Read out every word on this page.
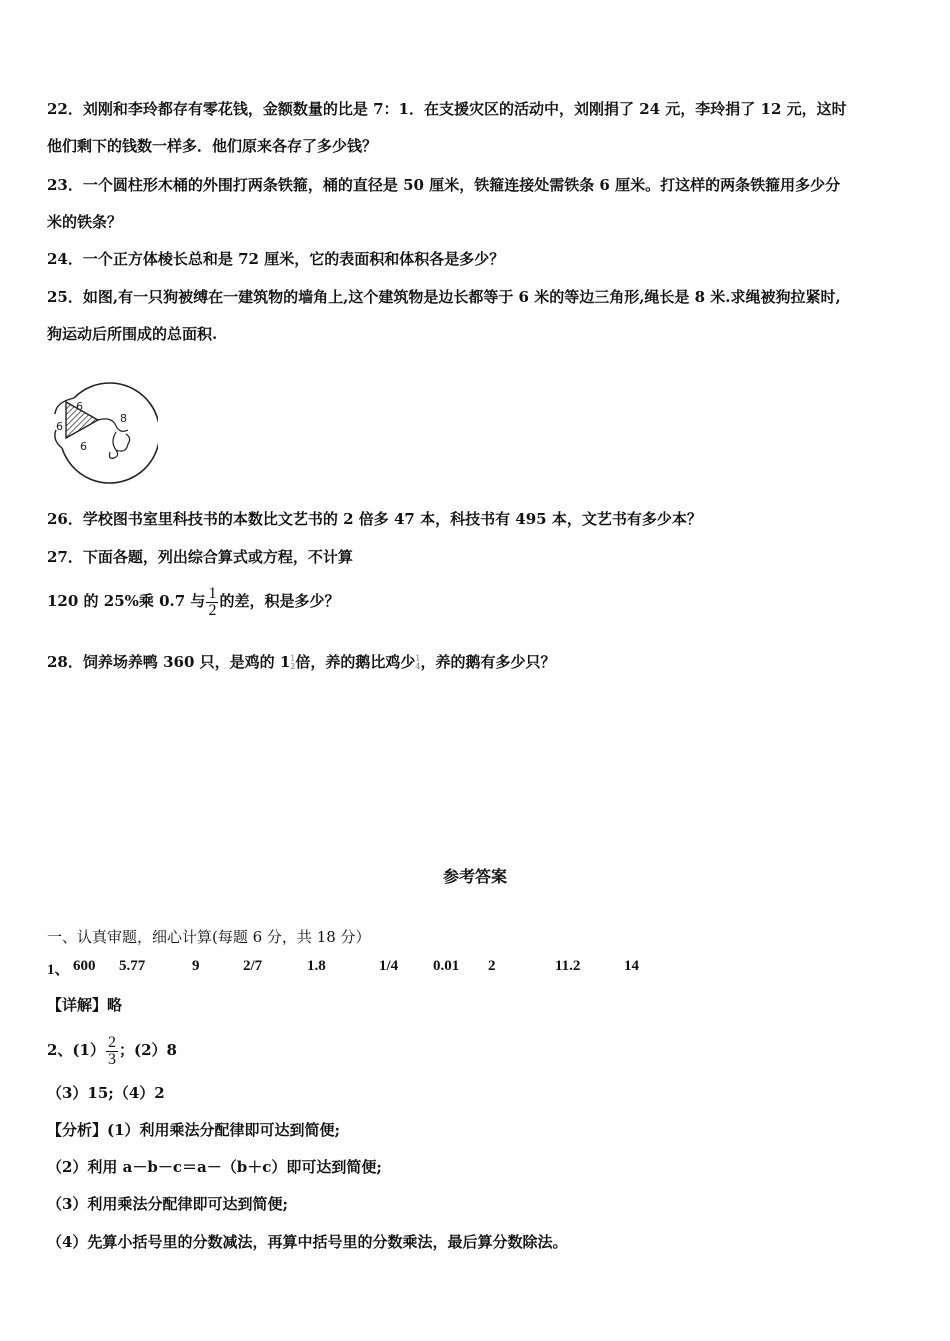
22．刘刚和李玲都存有零花钱，金额数量的比是 7：1．在支援灾区的活动中，刘刚捐了 24 元，李玲捐了 12 元，这时
他们剩下的钱数一样多．他们原来各存了多少钱？
23．一个圆柱形木桶的外围打两条铁箍，桶的直径是 50 厘米，铁箍连接处需铁条 6 厘米。打这样的两条铁箍用多少分
米的铁条？
24．一个正方体棱长总和是 72 厘米，它的表面积和体积各是多少？
25．如图,有一只狗被缚在一建筑物的墙角上,这个建筑物是边长都等于 6 米的等边三角形,绳长是 8 米.求绳被狗拉紧时,
狗运动后所围成的总面积.
6
8
6
6
26．学校图书室里科技书的本数比文艺书的 2 倍多 47 本，科技书有 495 本，文艺书有多少本？
27．下面各题，列出综合算式或方程，不计算
120 的 25%乘 0.7 与 $\frac{1}{2}$ 的差，积是多少？
28．饲养场养鸭 360 只，是鸡的 1 1
2 倍，养的鹅比鸡少 1
4 ，养的鹅有多少只？
参考答案
一、认真审题，细心计算(每题 6 分，共 18 分）
1、 600 5.77	9	2/7	1.8	1/4 0.01 2	11.2	14
【详解】略
2、$(1) \frac{2}{3}$ ；(2）8
（3）15;（4）2
【分析】(1）利用乘法分配律即可达到简便;
（2）利用 a－b－c＝a－（b＋c）即可达到简便;
（3）利用乘法分配律即可达到简便;
（4）先算小括号里的分数减法，再算中括号里的分数乘法，最后算分数除法。
